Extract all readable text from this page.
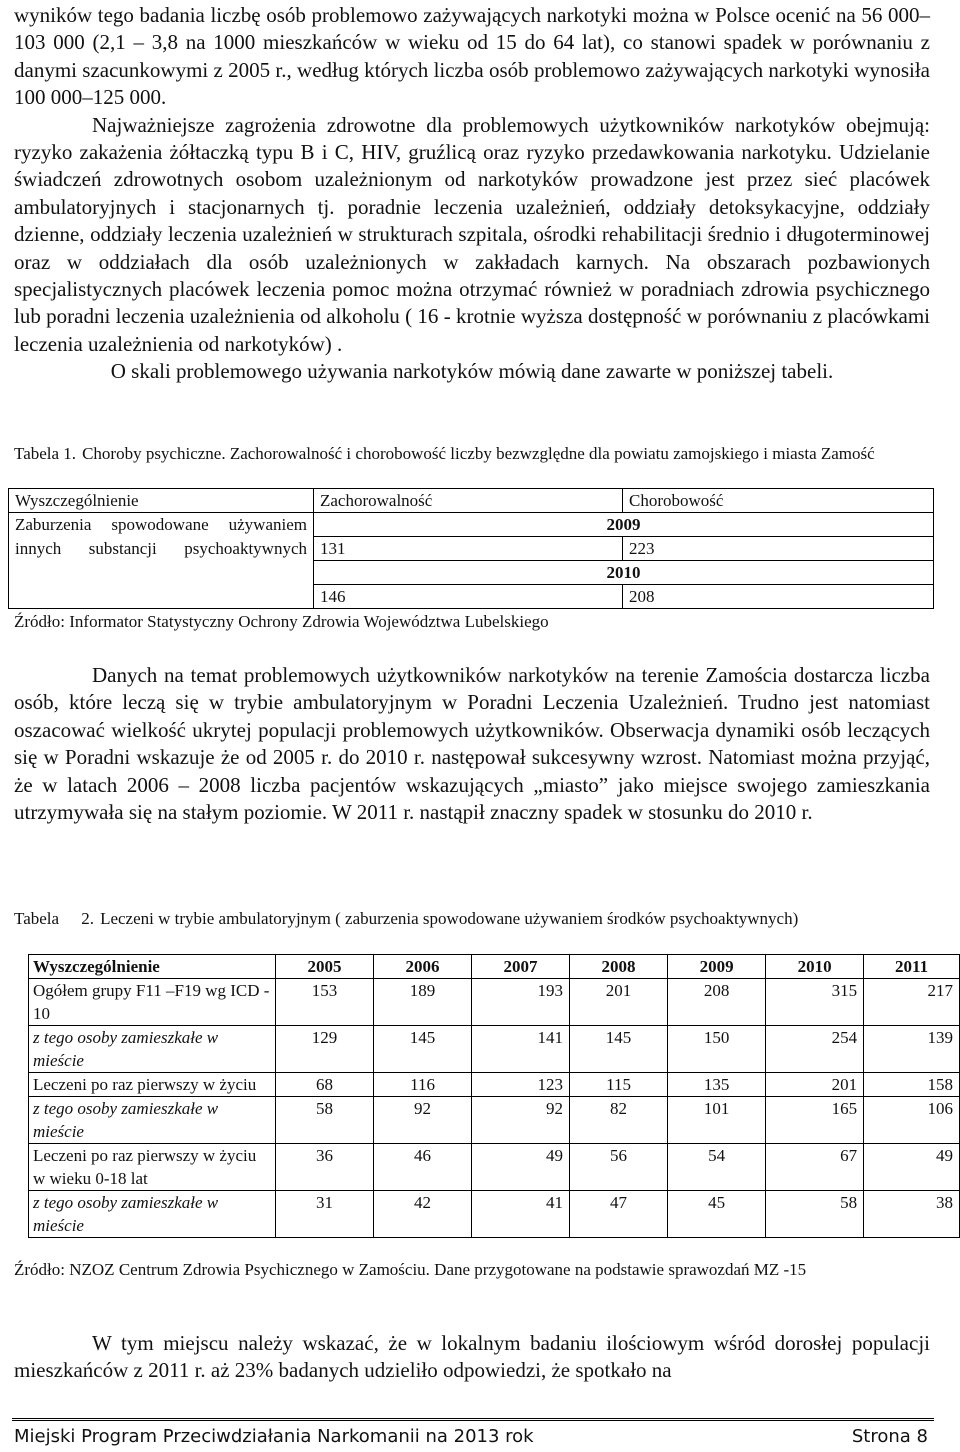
wyników tego badania liczbę osób problemowo zażywających narkotyki można w Polsce ocenić na 56 000–103 000 (2,1 – 3,8 na 1000 mieszkańców w wieku od 15 do 64 lat), co stanowi spadek w porównaniu z danymi szacunkowymi z 2005 r., według których liczba osób problemowo zażywających narkotyki wynosiła 100 000–125 000.

Najważniejsze zagrożenia zdrowotne dla problemowych użytkowników narkotyków obejmują: ryzyko zakażenia żółtaczką typu B i C, HIV, gruźlicą oraz ryzyko przedawkowania narkotyku. Udzielanie świadczeń zdrowotnych osobom uzależnionym od narkotyków prowadzone jest przez sieć placówek ambulatoryjnych i stacjonarnych tj. poradnie leczenia uzależnień, oddziały detoksykacyjne, oddziały dzienne, oddziały leczenia uzależnień w strukturach szpitala, ośrodki rehabilitacji średnio i długoterminowej oraz w oddziałach dla osób uzależnionych w zakładach karnych. Na obszarach pozbawionych specjalistycznych placówek leczenia pomoc można otrzymać również w poradniach zdrowia psychicznego lub poradni leczenia uzależnienia od alkoholu ( 16 - krotnie wyższa dostępność w porównaniu z placówkami leczenia uzależnienia od narkotyków) .

O skali problemowego używania narkotyków mówią dane zawarte w poniższej tabeli.

Tabela 1. Choroby psychiczne. Zachorowalność i chorobowość liczby bezwzględne dla powiatu zamojskiego i miasta Zamość
Wyszczególnienie	Zachorowalność	Chorobowość
Zaburzenia spowodowane używaniem innych substancji psychoaktywnych	2009	
	131	223
	2010	
	146	208
Źródło: Informator Statystyczny Ochrony Zdrowia Województwa Lubelskiego

Danych na temat problemowych użytkowników narkotyków na terenie Zamościa dostarcza liczba osób, które leczą się w trybie ambulatoryjnym w Poradni Leczenia Uzależnień. Trudno jest natomiast oszacować wielkość ukrytej populacji problemowych użytkowników. Obserwacja dynamiki osób leczących się w Poradni wskazuje że od 2005 r. do 2010 r. następował sukcesywny wzrost. Natomiast można przyjąć, że w latach 2006 – 2008 liczba pacjentów wskazujących „miasto” jako miejsce swojego zamieszkania utrzymywała się na stałym poziomie. W 2011 r. nastąpił znaczny spadek w stosunku do 2010 r.

Tabela 2. Leczeni w trybie ambulatoryjnym ( zaburzenia spowodowane używaniem środków psychoaktywnych)
Wyszczególnienie	2005	2006	2007	2008	2009	2010	2011
Ogółem grupy F11 –F19 wg ICD - 10	153	189	193	201	208	315	217
z tego osoby zamieszkałe w mieście	129	145	141	145	150	254	139
Leczeni po raz pierwszy w życiu	68	116	123	115	135	201	158
z tego osoby zamieszkałe w mieście	58	92	92	82	101	165	106
Leczeni po raz pierwszy w życiu w wieku 0-18 lat	36	46	49	56	54	67	49
z tego osoby zamieszkałe w mieście	31	42	41	47	45	58	38
Źródło: NZOZ Centrum Zdrowia Psychicznego w Zamościu. Dane przygotowane na podstawie sprawozdań MZ -15

W tym miejscu należy wskazać, że w lokalnym badaniu ilościowym wśród dorosłej populacji mieszkańców z 2011 r. aż 23% badanych udzieliło odpowiedzi, że spotkało na

Miejski Program Przeciwdziałania Narkomanii na 2013 rok	Strona 8
